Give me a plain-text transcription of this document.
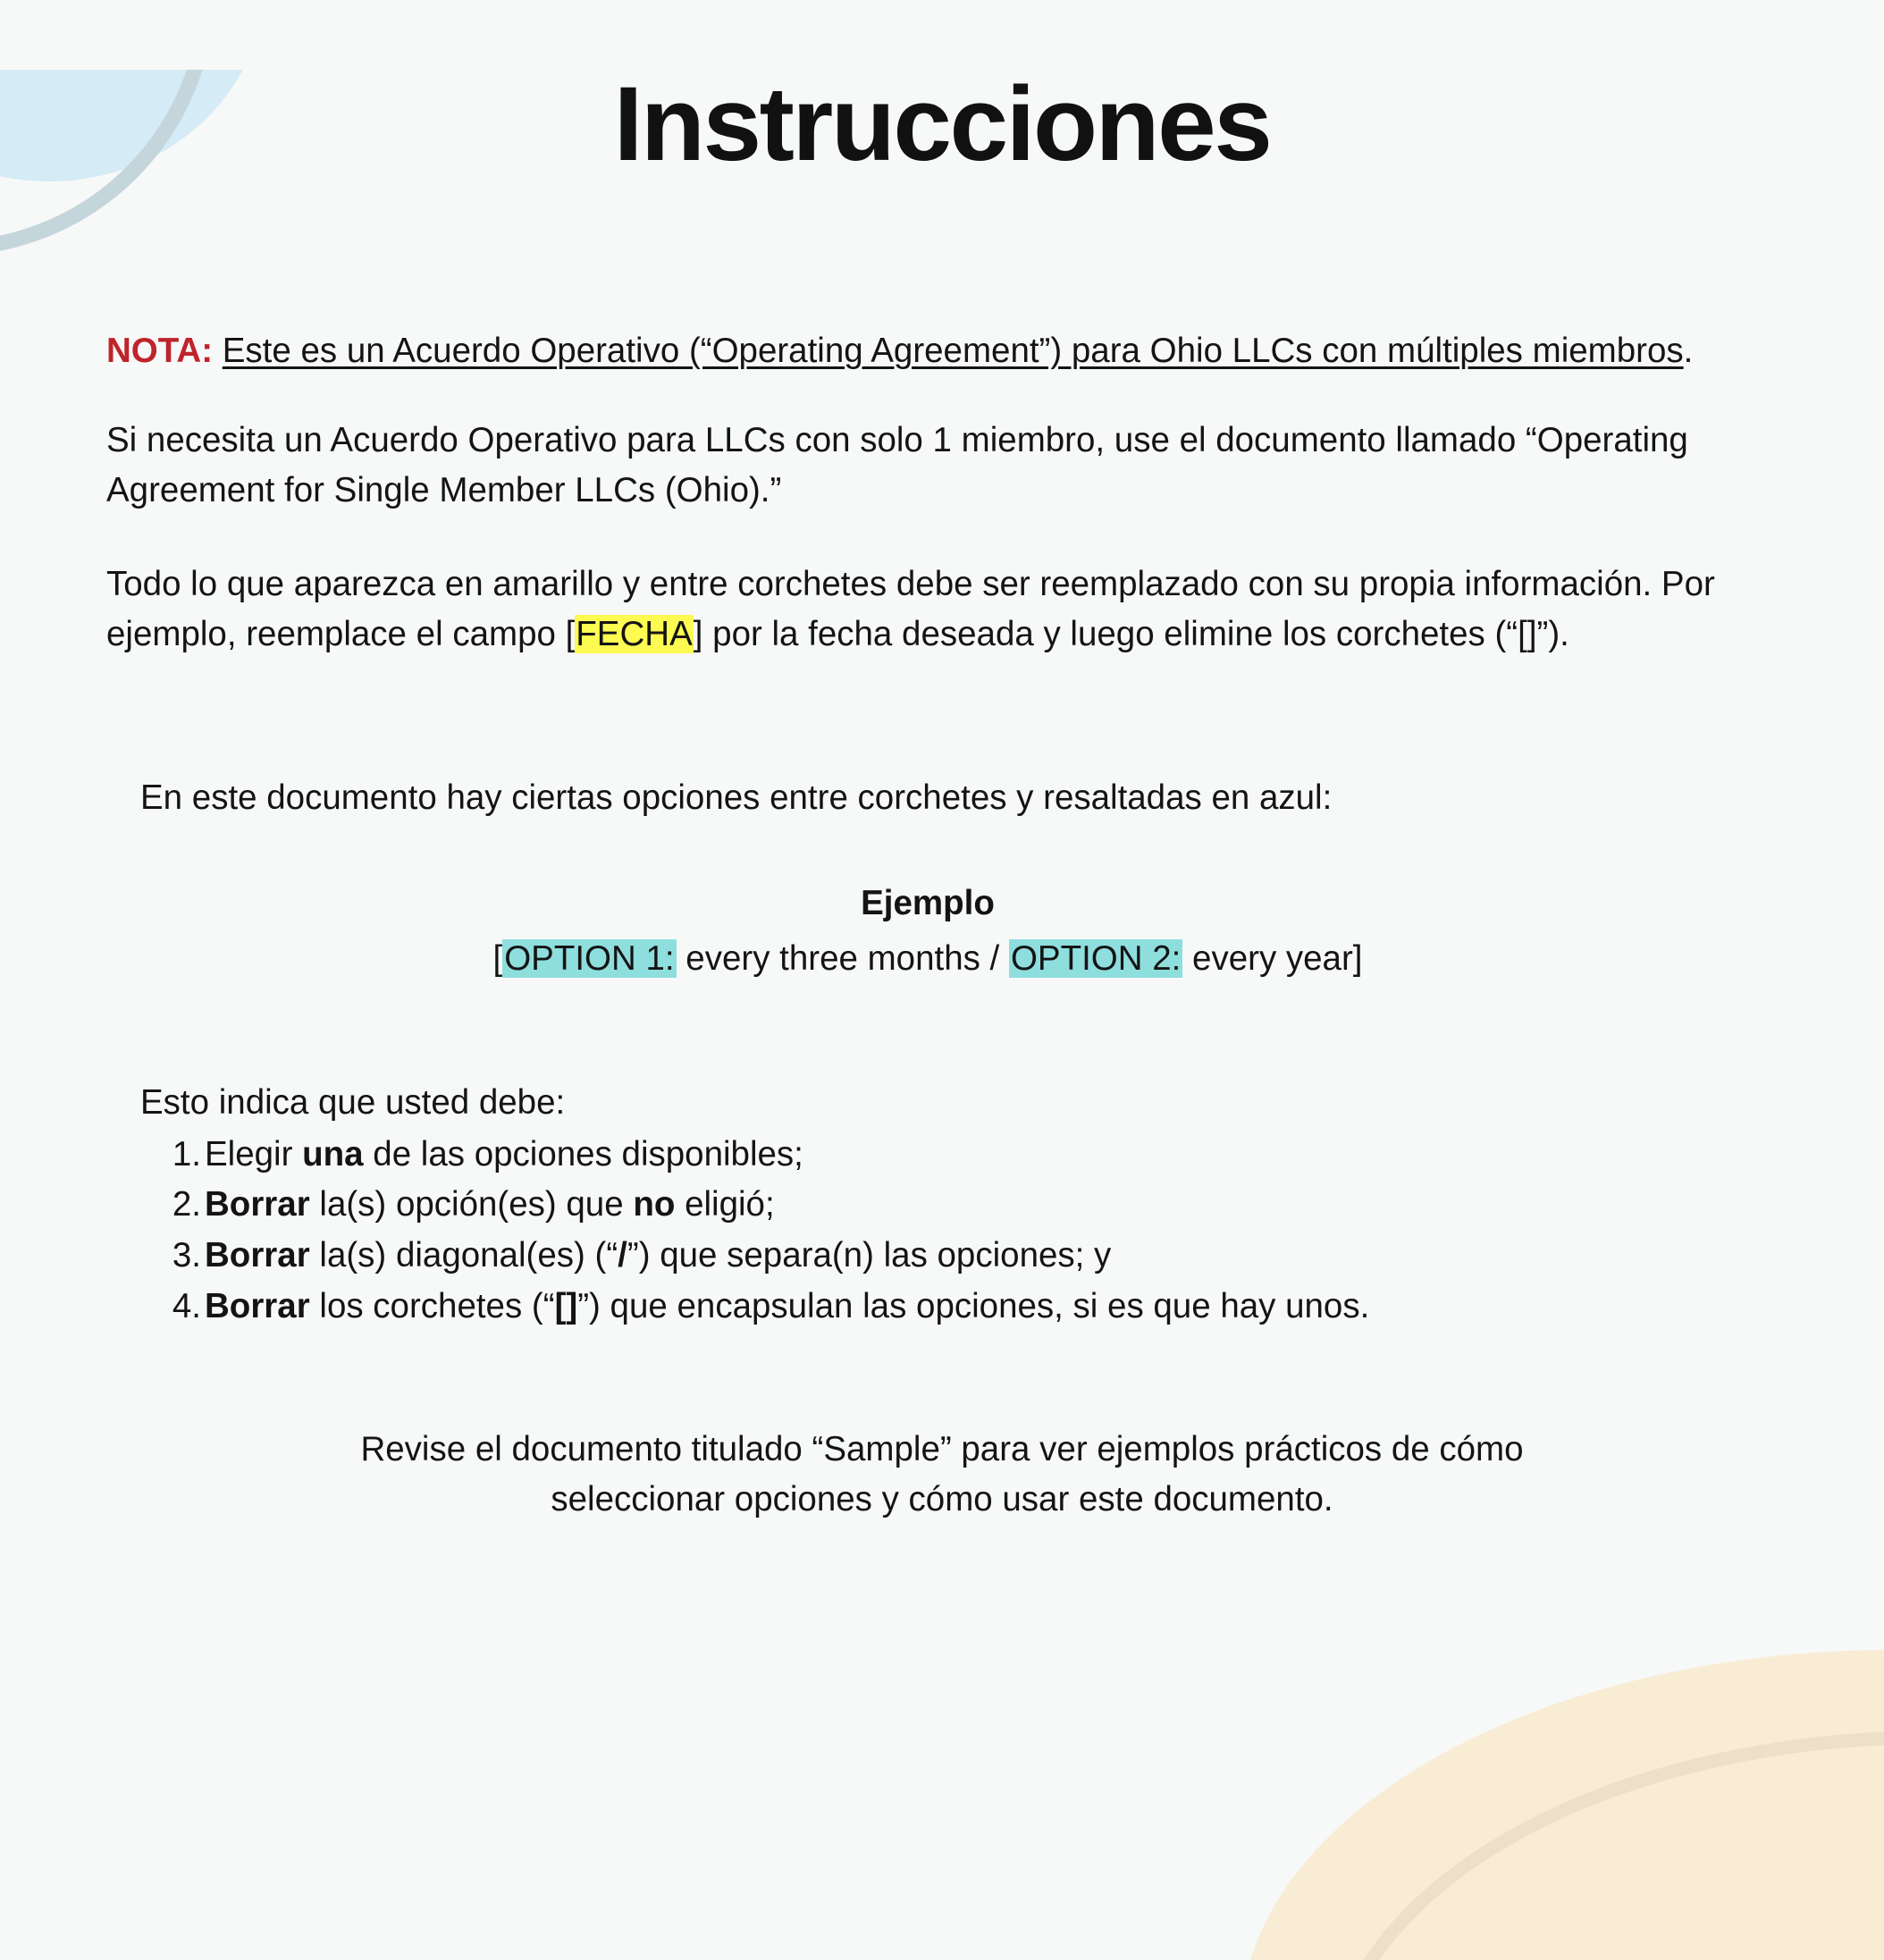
Instrucciones

NOTA: Este es un Acuerdo Operativo (“Operating Agreement”) para Ohio LLCs con múltiples miembros.

Si necesita un Acuerdo Operativo para LLCs con solo 1 miembro, use el documento llamado “Operating Agreement for Single Member LLCs (Ohio).”

Todo lo que aparezca en amarillo y entre corchetes debe ser reemplazado con su propia información. Por ejemplo, reemplace el campo [FECHA] por la fecha deseada y luego elimine los corchetes (“[]”).

En este documento hay ciertas opciones entre corchetes y resaltadas en azul:

Ejemplo
[OPTION 1: every three months / OPTION 2: every year]

Esto indica que usted debe:

1. Elegir una de las opciones disponibles;
2. Borrar la(s) opción(es) que no eligió;
3. Borrar la(s) diagonal(es) (“/”) que separa(n) las opciones; y
4. Borrar los corchetes (“[]”) que encapsulan las opciones, si es que hay unos.

Revise el documento titulado “Sample” para ver ejemplos prácticos de cómo seleccionar opciones y cómo usar este documento.
